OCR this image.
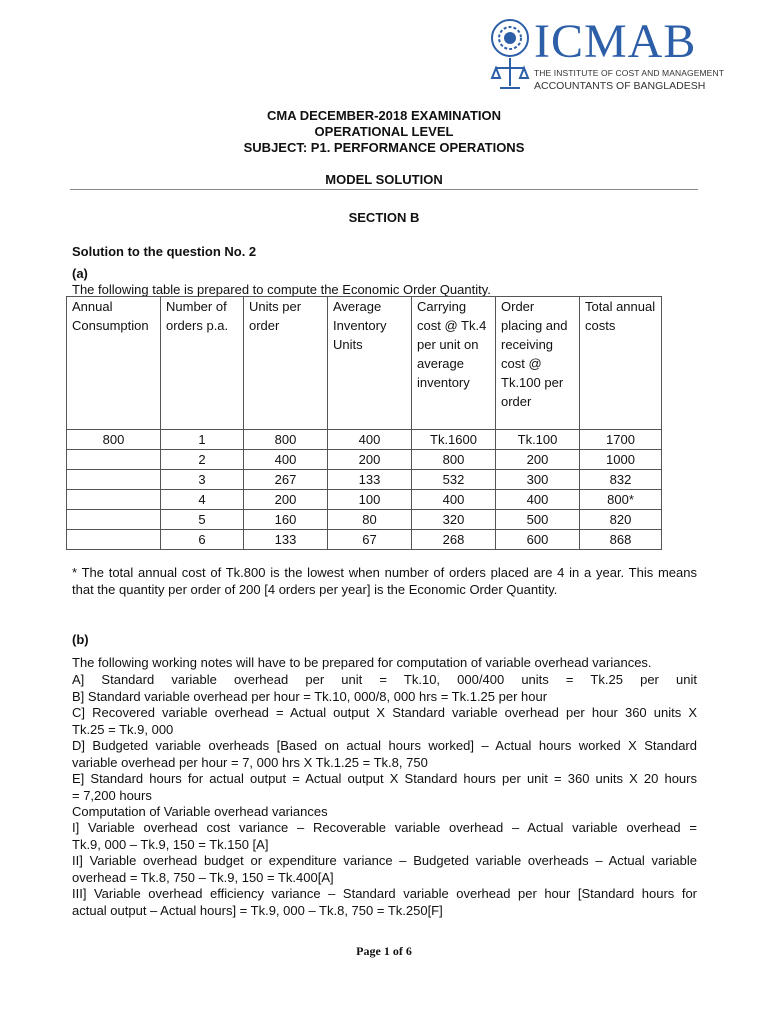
ICMAB
THE INSTITUTE OF COST AND MANAGEMENT
ACCOUNTANTS OF BANGLADESH
CMA DECEMBER-2018 EXAMINATION
OPERATIONAL LEVEL
SUBJECT: P1. PERFORMANCE OPERATIONS
MODEL SOLUTION
SECTION B
Solution to the question No. 2
(a)
The following table is prepared to compute the Economic Order Quantity.
Annual Consumption	Number of orders p.a.	Units per order	Average Inventory Units	Carrying cost @ Tk.4 per unit on average inventory	Order placing and receiving cost @ Tk.100 per order	Total annual costs
800	1	800	400	Tk.1600	Tk.100	1700
	2	400	200	800	200	1000
	3	267	133	532	300	832
	4	200	100	400	400	800*
	5	160	80	320	500	820
	6	133	67	268	600	868
* The total annual cost of Tk.800 is the lowest when number of orders placed are 4 in a year. This means that the quantity per order of 200 [4 orders per year] is the Economic Order Quantity.
(b)
The following working notes will have to be prepared for computation of variable overhead variances.
A] Standard variable overhead per unit = Tk.10, 000/400 units = Tk.25 per unit
B] Standard variable overhead per hour = Tk.10, 000/8, 000 hrs = Tk.1.25 per hour
C] Recovered variable overhead = Actual output X Standard variable overhead per hour 360 units X
Tk.25 = Tk.9, 000
D] Budgeted variable overheads [Based on actual hours worked] – Actual hours worked X Standard
variable overhead per hour = 7, 000 hrs X Tk.1.25 = Tk.8, 750
E] Standard hours for actual output = Actual output X Standard hours per unit = 360 units X 20 hours
= 7,200 hours
Computation of Variable overhead variances
I] Variable overhead cost variance – Recoverable variable overhead – Actual variable overhead =
Tk.9, 000 – Tk.9, 150 = Tk.150 [A]
II] Variable overhead budget or expenditure variance – Budgeted variable overheads – Actual variable
overhead = Tk.8, 750 – Tk.9, 150 = Tk.400[A]
III] Variable overhead efficiency variance – Standard variable overhead per hour [Standard hours for
actual output – Actual hours] = Tk.9, 000 – Tk.8, 750 = Tk.250[F]
Page 1 of 6
